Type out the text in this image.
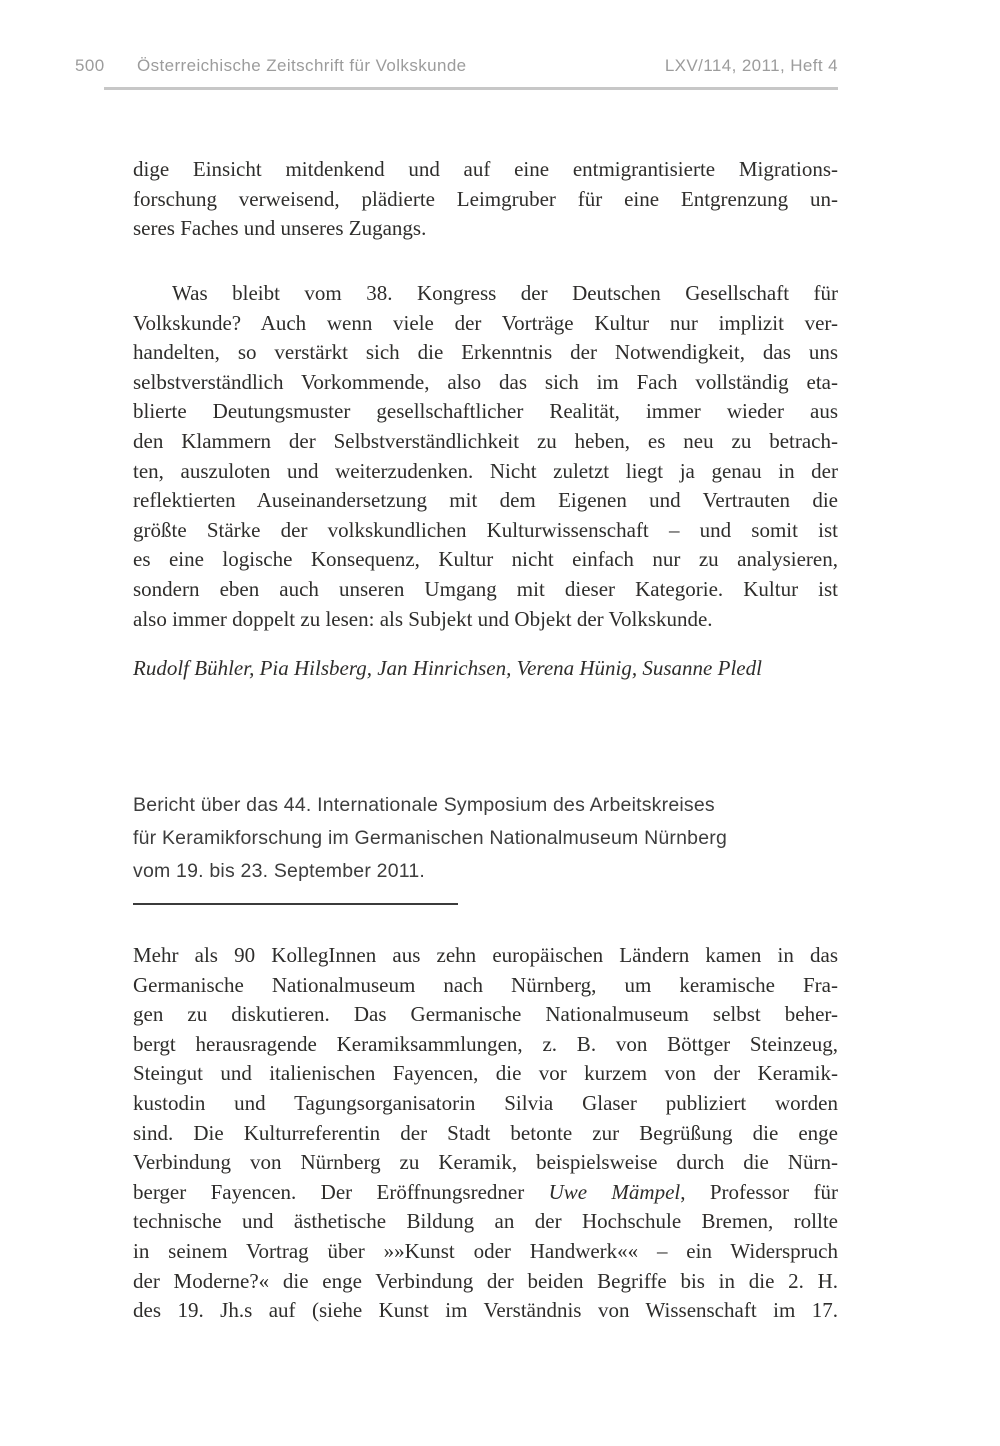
500 Österreichische Zeitschrift für Volkskunde	LXV/114, 2011, Heft 4
dige Einsicht mitdenkend und auf eine entmigrantisierte Migrations-
forschung verweisend, plädierte Leimgruber für eine Entgrenzung un-
seres Faches und unseres Zugangs.
Was bleibt vom 38. Kongress der Deutschen Gesellschaft für
Volkskunde? Auch wenn viele der Vorträge Kultur nur implizit ver-
handelten, so verstärkt sich die Erkenntnis der Notwendigkeit, das uns
selbstverständlich Vorkommende, also das sich im Fach vollständig eta-
blierte Deutungsmuster gesellschaftlicher Realität, immer wieder aus
den Klammern der Selbstverständlichkeit zu heben, es neu zu betrach-
ten, auszuloten und weiterzudenken. Nicht zuletzt liegt ja genau in der
reflektierten Auseinandersetzung mit dem Eigenen und Vertrauten die
größte Stärke der volkskundlichen Kulturwissenschaft – und somit ist
es eine logische Konsequenz, Kultur nicht einfach nur zu analysieren,
sondern eben auch unseren Umgang mit dieser Kategorie. Kultur ist
also immer doppelt zu lesen: als Subjekt und Objekt der Volkskunde.
Rudolf Bühler, Pia Hilsberg, Jan Hinrichsen, Verena Hünig, Susanne Pledl
Bericht über das 44. Internationale Symposium des Arbeitskreises
für Keramikforschung im Germanischen Nationalmuseum Nürnberg
vom 19. bis 23. September 2011.
Mehr als 90 KollegInnen aus zehn europäischen Ländern kamen in das
Germanische Nationalmuseum nach Nürnberg, um keramische Fra-
gen zu diskutieren. Das Germanische Nationalmuseum selbst beher-
bergt herausragende Keramiksammlungen, z. B. von Böttger Steinzeug,
Steingut und italienischen Fayencen, die vor kurzem von der Keramik-
kustodin und Tagungsorganisatorin Silvia Glaser publiziert worden
sind. Die Kulturreferentin der Stadt betonte zur Begrüßung die enge
Verbindung von Nürnberg zu Keramik, beispielsweise durch die Nürn-
berger Fayencen. Der Eröffnungsredner Uwe Mämpel, Professor für
technische und ästhetische Bildung an der Hochschule Bremen, rollte
in seinem Vortrag über »»Kunst oder Handwerk«« – ein Widerspruch
der Moderne?« die enge Verbindung der beiden Begriffe bis in die 2. H.
des 19. Jh.s auf (siehe Kunst im Verständnis von Wissenschaft im 17.
